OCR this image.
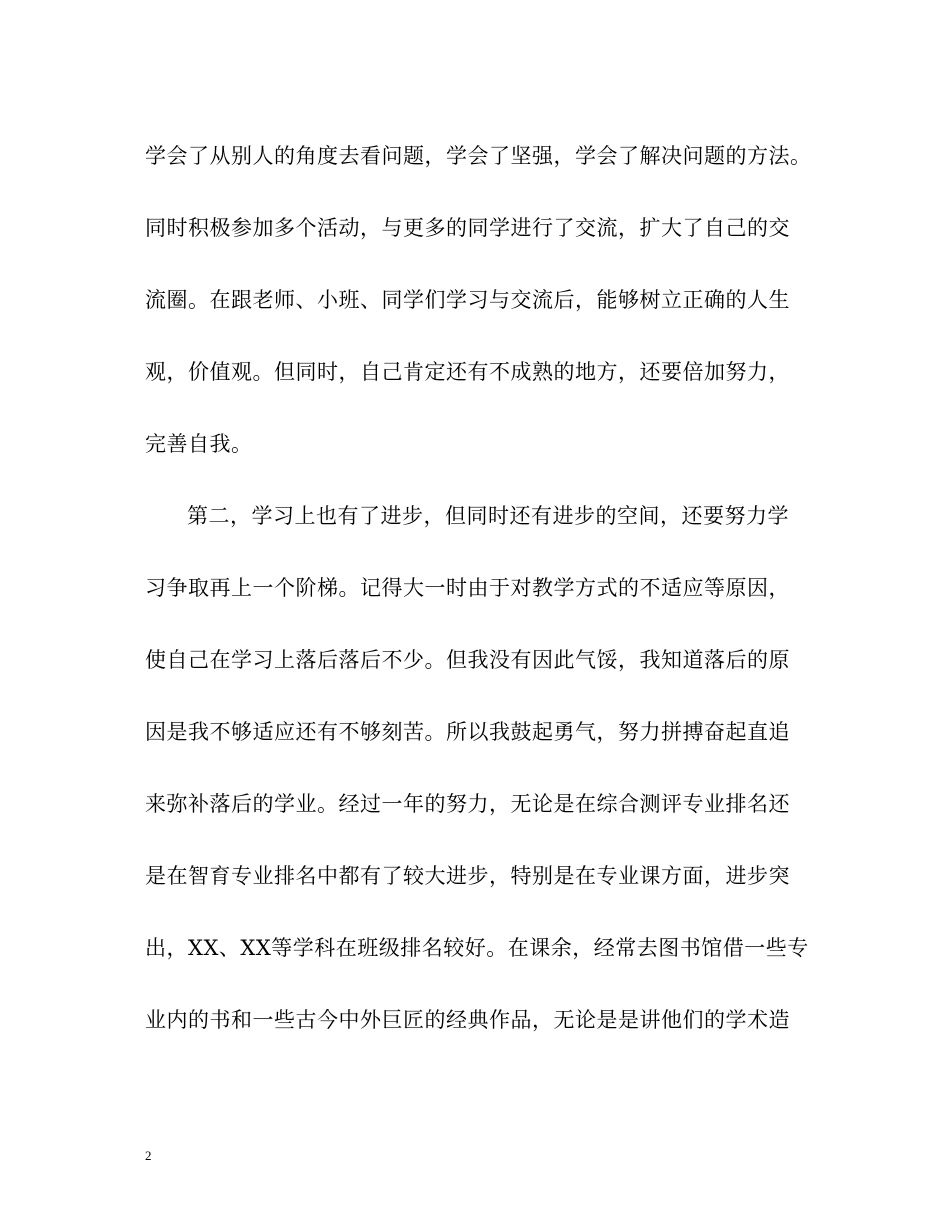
学会了从别人的角度去看问题，学会了坚强，学会了解决问题的方法。
同时积极参加多个活动，与更多的同学进行了交流，扩大了自己的交
流圈。在跟老师、小班、同学们学习与交流后，能够树立正确的人生
观，价值观。但同时，自己肯定还有不成熟的地方，还要倍加努力，
完善自我。
第二，学习上也有了进步，但同时还有进步的空间，还要努力学
习争取再上一个阶梯。记得大一时由于对教学方式的不适应等原因，
使自己在学习上落后落后不少。但我没有因此气馁，我知道落后的原
因是我不够适应还有不够刻苦。所以我鼓起勇气，努力拼搏奋起直追
来弥补落后的学业。经过一年的努力，无论是在综合测评专业排名还
是在智育专业排名中都有了较大进步，特别是在专业课方面，进步突
出，XX、XX等学科在班级排名较好。在课余，经常去图书馆借一些专
业内的书和一些古今中外巨匠的经典作品，无论是是讲他们的学术造
2
